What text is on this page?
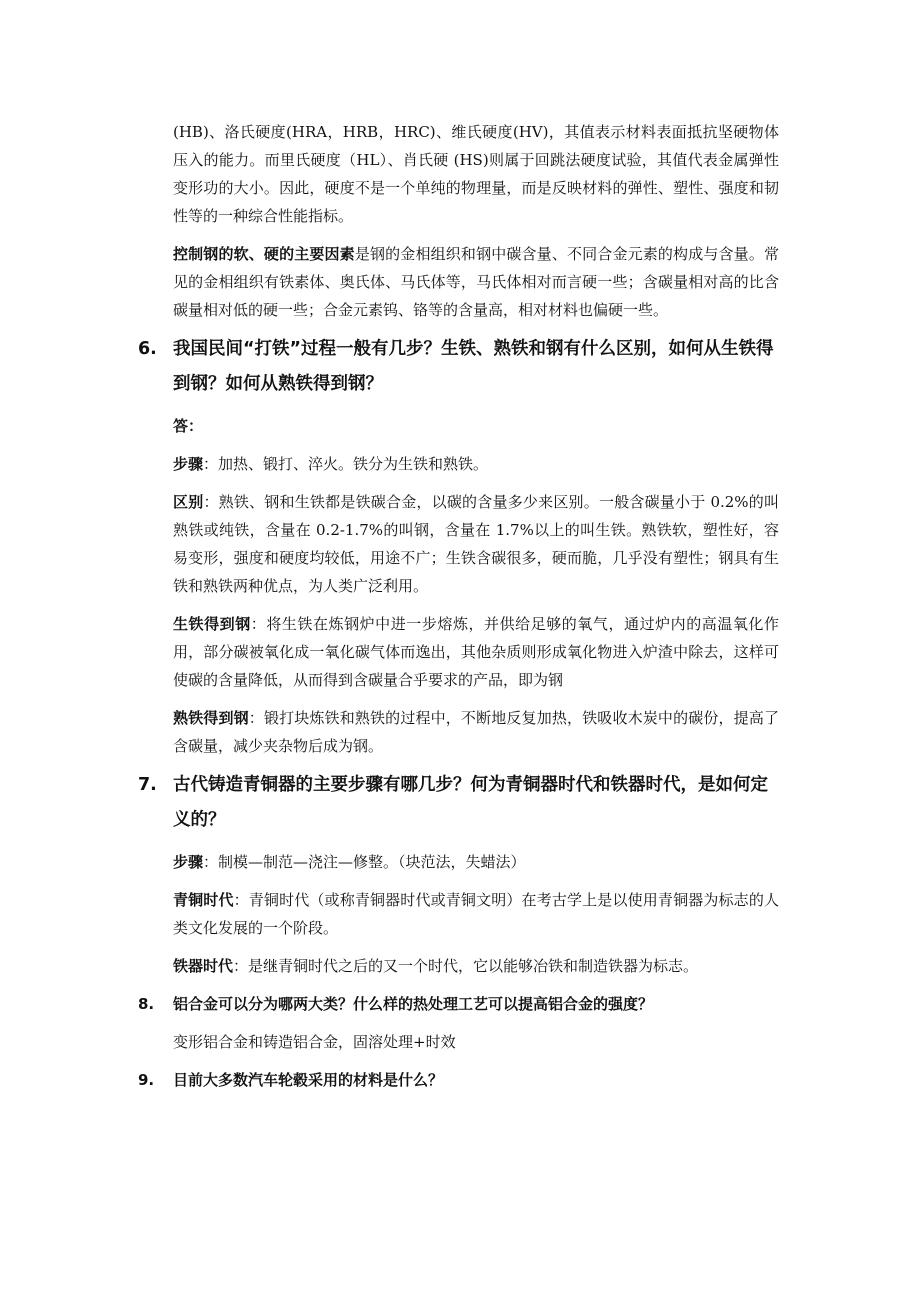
(HB)、洛氏硬度(HRA，HRB，HRC)、维氏硬度(HV)，其值表示材料表面抵抗坚硬物体压入的能力。而里氏硬度（HL）、肖氏硬 (HS)则属于回跳法硬度试验，其值代表金属弹性变形功的大小。因此，硬度不是一个单纯的物理量，而是反映材料的弹性、塑性、强度和韧性等的一种综合性能指标。

控制钢的软、硬的主要因素是钢的金相组织和钢中碳含量、不同合金元素的构成与含量。常见的金相组织有铁素体、奥氏体、马氏体等，马氏体相对而言硬一些；含碳量相对高的比含碳量相对低的硬一些；合金元素钨、铬等的含量高，相对材料也偏硬一些。

6. 我国民间“打铁”过程一般有几步？生铁、熟铁和钢有什么区别，如何从生铁得到钢？如何从熟铁得到钢？

答：

步骤：加热、锻打、淬火。铁分为生铁和熟铁。

区别：熟铁、钢和生铁都是铁碳合金，以碳的含量多少来区别。一般含碳量小于 0.2%的叫熟铁或纯铁，含量在 0.2-1.7%的叫钢，含量在 1.7%以上的叫生铁。熟铁软，塑性好，容易变形，强度和硬度均较低，用途不广；生铁含碳很多，硬而脆，几乎没有塑性；钢具有生铁和熟铁两种优点，为人类广泛利用。

生铁得到钢：将生铁在炼钢炉中进一步熔炼，并供给足够的氧气，通过炉内的高温氧化作用，部分碳被氧化成一氧化碳气体而逸出，其他杂质则形成氧化物进入炉渣中除去，这样可使碳的含量降低，从而得到含碳量合乎要求的产品，即为钢

熟铁得到钢：锻打块炼铁和熟铁的过程中，不断地反复加热，铁吸收木炭中的碳份，提高了含碳量，减少夹杂物后成为钢。

7. 古代铸造青铜器的主要步骤有哪几步？何为青铜器时代和铁器时代，是如何定义的？

步骤：制模—制范—浇注—修整。（块范法，失蜡法）

青铜时代：青铜时代（或称青铜器时代或青铜文明）在考古学上是以使用青铜器为标志的人类文化发展的一个阶段。

铁器时代：是继青铜时代之后的又一个时代，它以能够冶铁和制造铁器为标志。

8. 铝合金可以分为哪两大类？什么样的热处理工艺可以提高铝合金的强度？

变形铝合金和铸造铝合金，固溶处理+时效

9. 目前大多数汽车轮毂采用的材料是什么？
